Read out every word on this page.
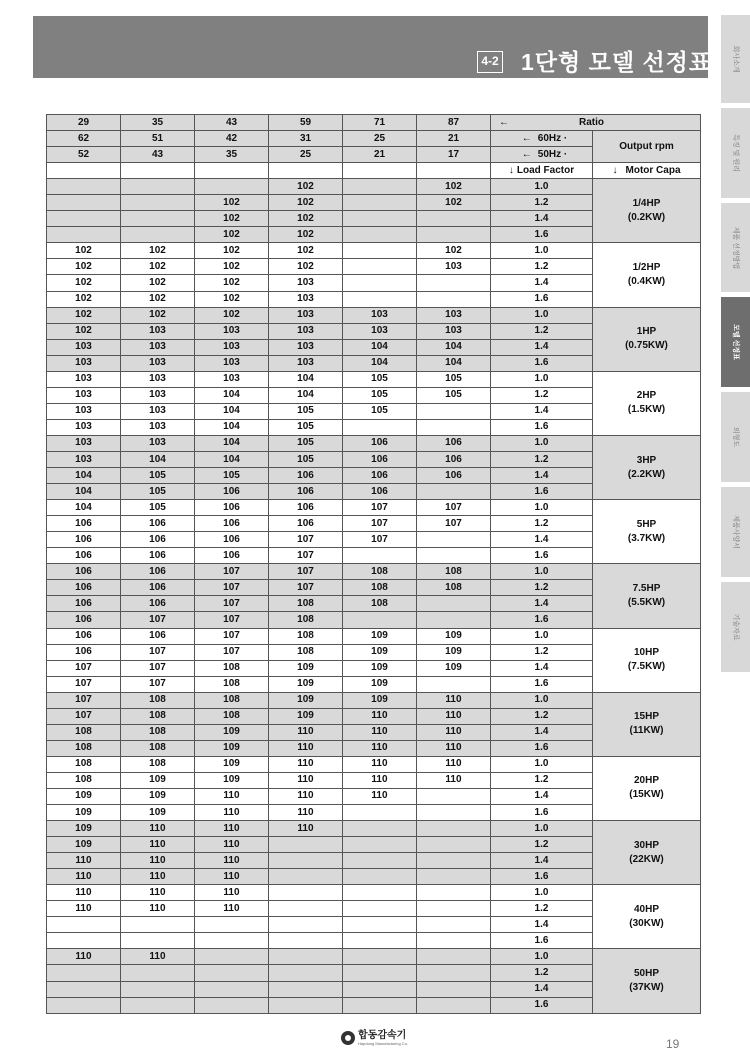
4-2 1단형 모델 선정표	회사소개
특징 및 원리
제품 선정방법
모델 선정표
외형도
제품사양서
기술자료
29	35	43	59	71	87	← Ratio	
62	51	42	31	25	21	← 60Hz ·	Output rpm
52	43	35	25	21	17	← 50Hz ·	
						↓ Load Factor	↓ Motor Capa
			102		102	1.0	1/4HP
(0.2KW)
		102	102		102	1.2	
		102	102			1.4	
		102	102			1.6	
102	102	102	102		102	1.0	1/2HP
(0.4KW)
102	102	102	102		103	1.2	
102	102	102	103			1.4	
102	102	102	103			1.6	
102	102	102	103	103	103	1.0	1HP
(0.75KW)
102	103	103	103	103	103	1.2	
103	103	103	103	104	104	1.4	
103	103	103	103	104	104	1.6	
103	103	103	104	105	105	1.0	2HP
(1.5KW)
103	103	104	104	105	105	1.2	
103	103	104	105	105		1.4	
103	103	104	105			1.6	
103	103	104	105	106	106	1.0	3HP
(2.2KW)
103	104	104	105	106	106	1.2	
104	105	105	106	106	106	1.4	
104	105	106	106	106		1.6	
104	105	106	106	107	107	1.0	5HP
(3.7KW)
106	106	106	106	107	107	1.2	
106	106	106	107	107		1.4	
106	106	106	107			1.6	
106	106	107	107	108	108	1.0	7.5HP
(5.5KW)
106	106	107	107	108	108	1.2	
106	106	107	108	108		1.4	
106	107	107	108			1.6	
106	106	107	108	109	109	1.0	10HP
(7.5KW)
106	107	107	108	109	109	1.2	
107	107	108	109	109	109	1.4	
107	107	108	109	109		1.6	
107	108	108	109	109	110	1.0	15HP
(11KW)
107	108	108	109	110	110	1.2	
108	108	109	110	110	110	1.4	
108	108	109	110	110	110	1.6	
108	108	109	110	110	110	1.0	20HP
(15KW)
108	109	109	110	110	110	1.2	
109	109	110	110	110		1.4	
109	109	110	110			1.6	
109	110	110	110			1.0	30HP
(22KW)
109	110	110				1.2	
110	110	110				1.4	
110	110	110				1.6	
110	110	110				1.0	40HP
(30KW)
110	110	110				1.2	
						1.4	
						1.6	
110	110					1.0	50HP
(37KW)
						1.2	
						1.4	
						1.6	
합동감속기
Hapdong Manufacturing Co.	19
